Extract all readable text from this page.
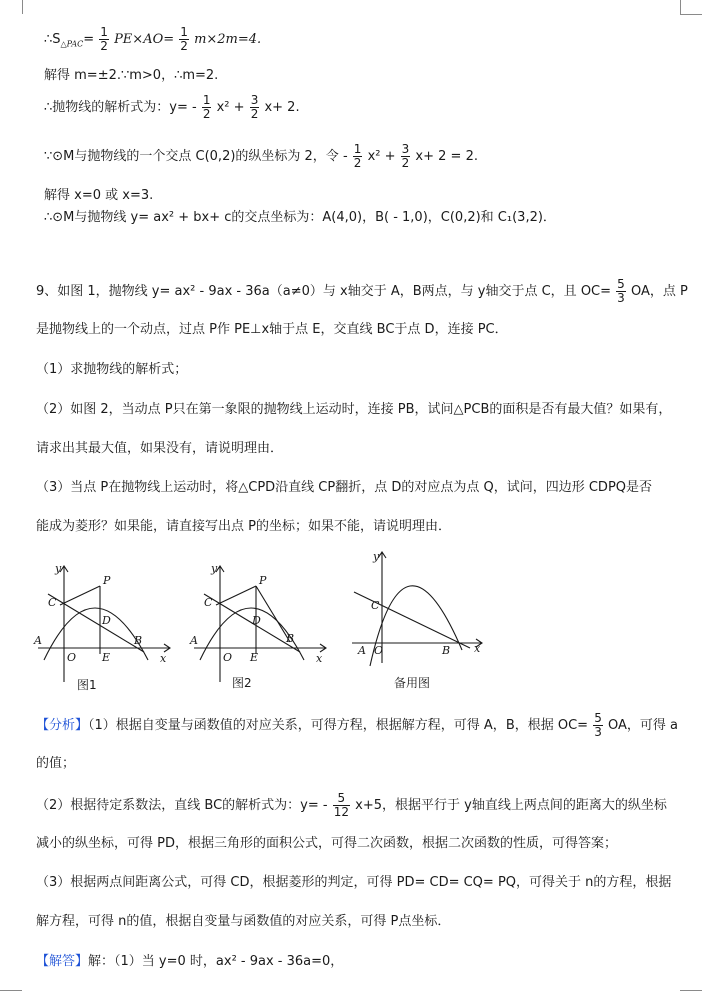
$\therefore S_{\triangle PAC}= \frac{1}{2} PE\times AO= \frac{1}{2} m\times 2m=4$.
解得 m=±2.∵m>0，∴m=2.
∴抛物线的解析式为：$y= - \frac{1}{2} x^2 + \frac{3}{2} x+ 2$.
∵⊙M与抛物线的一个交点 C(0,2)的纵坐标为 2，令 - $\frac{1}{2} x^2 + \frac{3}{2} x+ 2 = 2$.
解得 x=0 或 x=3.
∴⊙M与抛物线 y= ax² + bx+ c的交点坐标为：A(4,0)，B( - 1,0)，C(0,2)和 C₁(3,2)．
9、如图 1，抛物线 y= ax² - 9ax - 36a（a≠0）与 x轴交于 A，B两点，与 y轴交于点 C，且 $OC= \frac{5}{3}$ OA，点 P
是抛物线上的一个动点，过点 P作 PE⊥x轴于点 E，交直线 BC于点 D，连接 PC．
（1）求抛物线的解析式；
（2）如图 2，当动点 P只在第一象限的抛物线上运动时，连接 PB，试问△PCB的面积是否有最大值？如果有，
请求出其最大值，如果没有，请说明理由．
（3）当点 P在抛物线上运动时，将△CPD沿直线 CP翻折，点 D的对应点为点 Q，试问，四边形 CDPQ是否
能成为菱形？如果能，请直接写出点 P的坐标；如果不能，请说明理由．
y
P
C
D
A	B
O E	x
图1
y
P
C
D
A	B
O E	x
图2
y
C
A O	B x
备用图
【分析】（1）根据自变量与函数值的对应关系，可得方程，根据解方程，可得 A，B，根据 $OC= \frac{5}{3}$ OA，可得 a
的值；
（2）根据待定系数法，直线 BC的解析式为：$y= - \frac{5}{12} x+5$，根据平行于 y轴直线上两点间的距离大的纵坐标
减小的纵坐标，可得 PD，根据三角形的面积公式，可得二次函数，根据二次函数的性质，可得答案；
（3）根据两点间距离公式，可得 CD，根据菱形的判定，可得 PD= CD= CQ= PQ，可得关于 n的方程，根据
解方程，可得 n的值，根据自变量与函数值的对应关系，可得 P点坐标．
【解答】解：（1）当 y=0 时，ax² - 9ax - 36a=0，
